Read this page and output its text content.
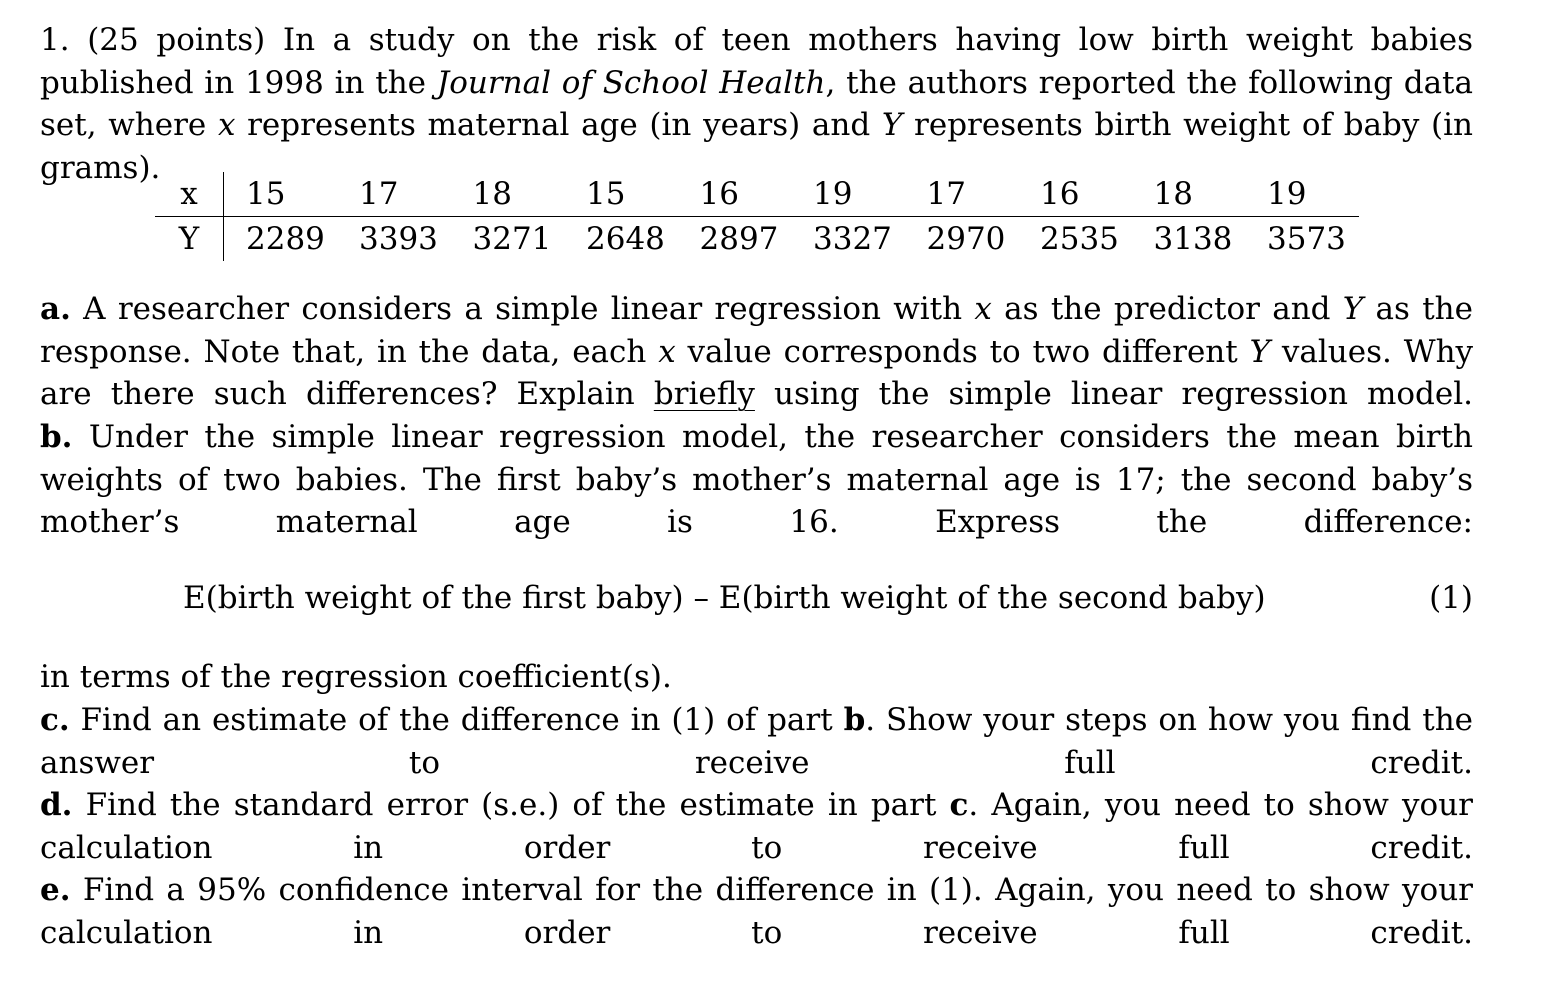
1. (25 points) In a study on the risk of teen mothers having low birth weight babies published in 1998 in the Journal of School Health, the authors reported the following data set, where x represents maternal age (in years) and Y represents birth weight of baby (in grams).

x	15	17	18	15	16	19	17	16	18	19
Y	2289	3393	3271	2648	2897	3327	2970	2535	3138	3573

a. A researcher considers a simple linear regression with x as the predictor and Y as the response. Note that, in the data, each x value corresponds to two different Y values. Why are there such differences? Explain briefly using the simple linear regression model.

b. Under the simple linear regression model, the researcher considers the mean birth weights of two babies. The first baby’s mother’s maternal age is 17; the second baby’s mother’s maternal age is 16. Express the difference:

E(birth weight of the first baby) – E(birth weight of the second baby)	(1)

in terms of the regression coefficient(s).

c. Find an estimate of the difference in (1) of part b. Show your steps on how you find the answer to receive full credit.

d. Find the standard error (s.e.) of the estimate in part c. Again, you need to show your calculation in order to receive full credit.

e. Find a 95% confidence interval for the difference in (1). Again, you need to show your calculation in order to receive full credit.
